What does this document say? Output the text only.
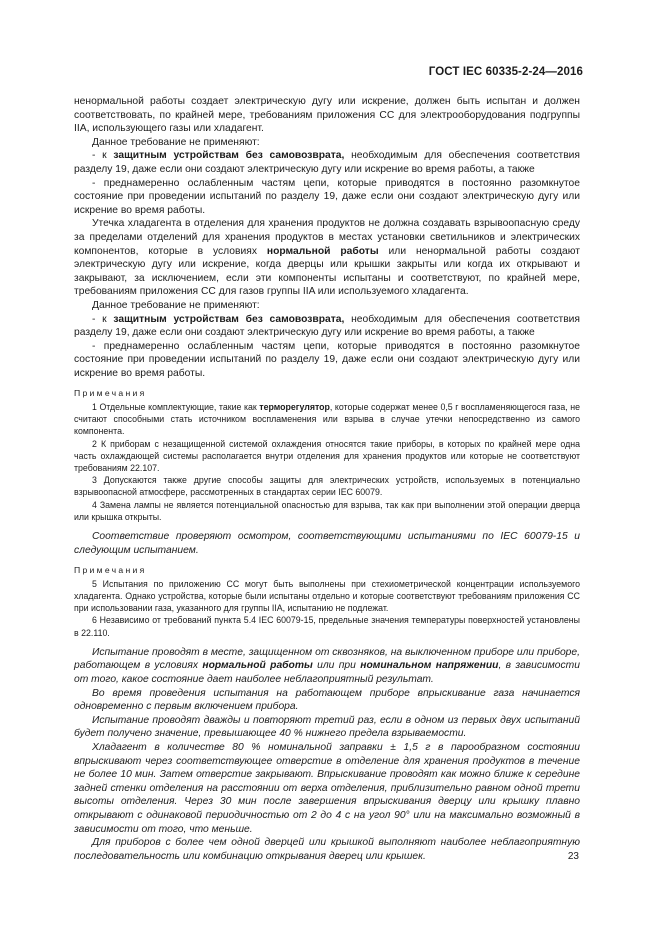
ГОСТ IEC 60335-2-24—2016

ненормальной работы создает электрическую дугу или искрение, должен быть испытан и должен соответствовать, по крайней мере, требованиям приложения СС для электрооборудования подгруппы IIA, использующего газы или хладагент.

Данное требование не применяют:

- к защитным устройствам без самовозврата, необходимым для обеспечения соответствия разделу 19, даже если они создают электрическую дугу или искрение во время работы, а также

- преднамеренно ослабленным частям цепи, которые приводятся в постоянно разомкнутое состояние при проведении испытаний по разделу 19, даже если они создают электрическую дугу или искрение во время работы.

Утечка хладагента в отделения для хранения продуктов не должна создавать взрывоопасную среду за пределами отделений для хранения продуктов в местах установки светильников и электрических компонентов, которые в условиях нормальной работы или ненормальной работы создают электрическую дугу или искрение, когда дверцы или крышки закрыты или когда их открывают и закрывают, за исключением, если эти компоненты испытаны и соответствуют, по крайней мере, требованиям приложения СС для газов группы IIA или используемого хладагента.

Данное требование не применяют:

- к защитным устройствам без самовозврата, необходимым для обеспечения соответствия разделу 19, даже если они создают электрическую дугу или искрение во время работы, а также

- преднамеренно ослабленным частям цепи, которые приводятся в постоянно разомкнутое состояние при проведении испытаний по разделу 19, даже если они создают электрическую дугу или искрение во время работы.

Примечания

1 Отдельные комплектующие, такие как терморегулятор, которые содержат менее 0,5 г воспламеняющегося газа, не считают способными стать источником воспламенения или взрыва в случае утечки непосредственно из самого компонента.

2 К приборам с незащищенной системой охлаждения относятся такие приборы, в которых по крайней мере одна часть охлаждающей системы располагается внутри отделения для хранения продуктов или которые не соответствуют требованиям 22.107.

3 Допускаются также другие способы защиты для электрических устройств, используемых в потенциально взрывоопасной атмосфере, рассмотренных в стандартах серии IEC 60079.

4 Замена лампы не является потенциальной опасностью для взрыва, так как при выполнении этой операции дверца или крышка открыты.

Соответствие проверяют осмотром, соответствующими испытаниями по IEC 60079-15 и следующим испытанием.

Примечания

5 Испытания по приложению СС могут быть выполнены при стехиометрической концентрации используемого хладагента. Однако устройства, которые были испытаны отдельно и которые соответствуют требованиям приложения СС при использовании газа, указанного для группы IIA, испытанию не подлежат.

6 Независимо от требований пункта 5.4 IEC 60079-15, предельные значения температуры поверхностей установлены в 22.110.

Испытание проводят в месте, защищенном от сквозняков, на выключенном приборе или приборе, работающем в условиях нормальной работы или при номинальном напряжении, в зависимости от того, какое состояние дает наиболее неблагоприятный результат.

Во время проведения испытания на работающем приборе впрыскивание газа начинается одновременно с первым включением прибора.

Испытание проводят дважды и повторяют третий раз, если в одном из первых двух испытаний будет получено значение, превышающее 40 % нижнего предела взрываемости.

Хладагент в количестве 80 % номинальной заправки ± 1,5 г в парообразном состоянии впрыскивают через соответствующее отверстие в отделение для хранения продуктов в течение не более 10 мин. Затем отверстие закрывают. Впрыскивание проводят как можно ближе к середине задней стенки отделения на расстоянии от верха отделения, приблизительно равном одной трети высоты отделения. Через 30 мин после завершения впрыскивания дверцу или крышку плавно открывают с одинаковой периодичностью от 2 до 4 с на угол 90° или на максимально возможный в зависимости от того, что меньше.

Для приборов с более чем одной дверцей или крышкой выполняют наиболее неблагоприятную последовательность или комбинацию открывания дверец или крышек.	23
